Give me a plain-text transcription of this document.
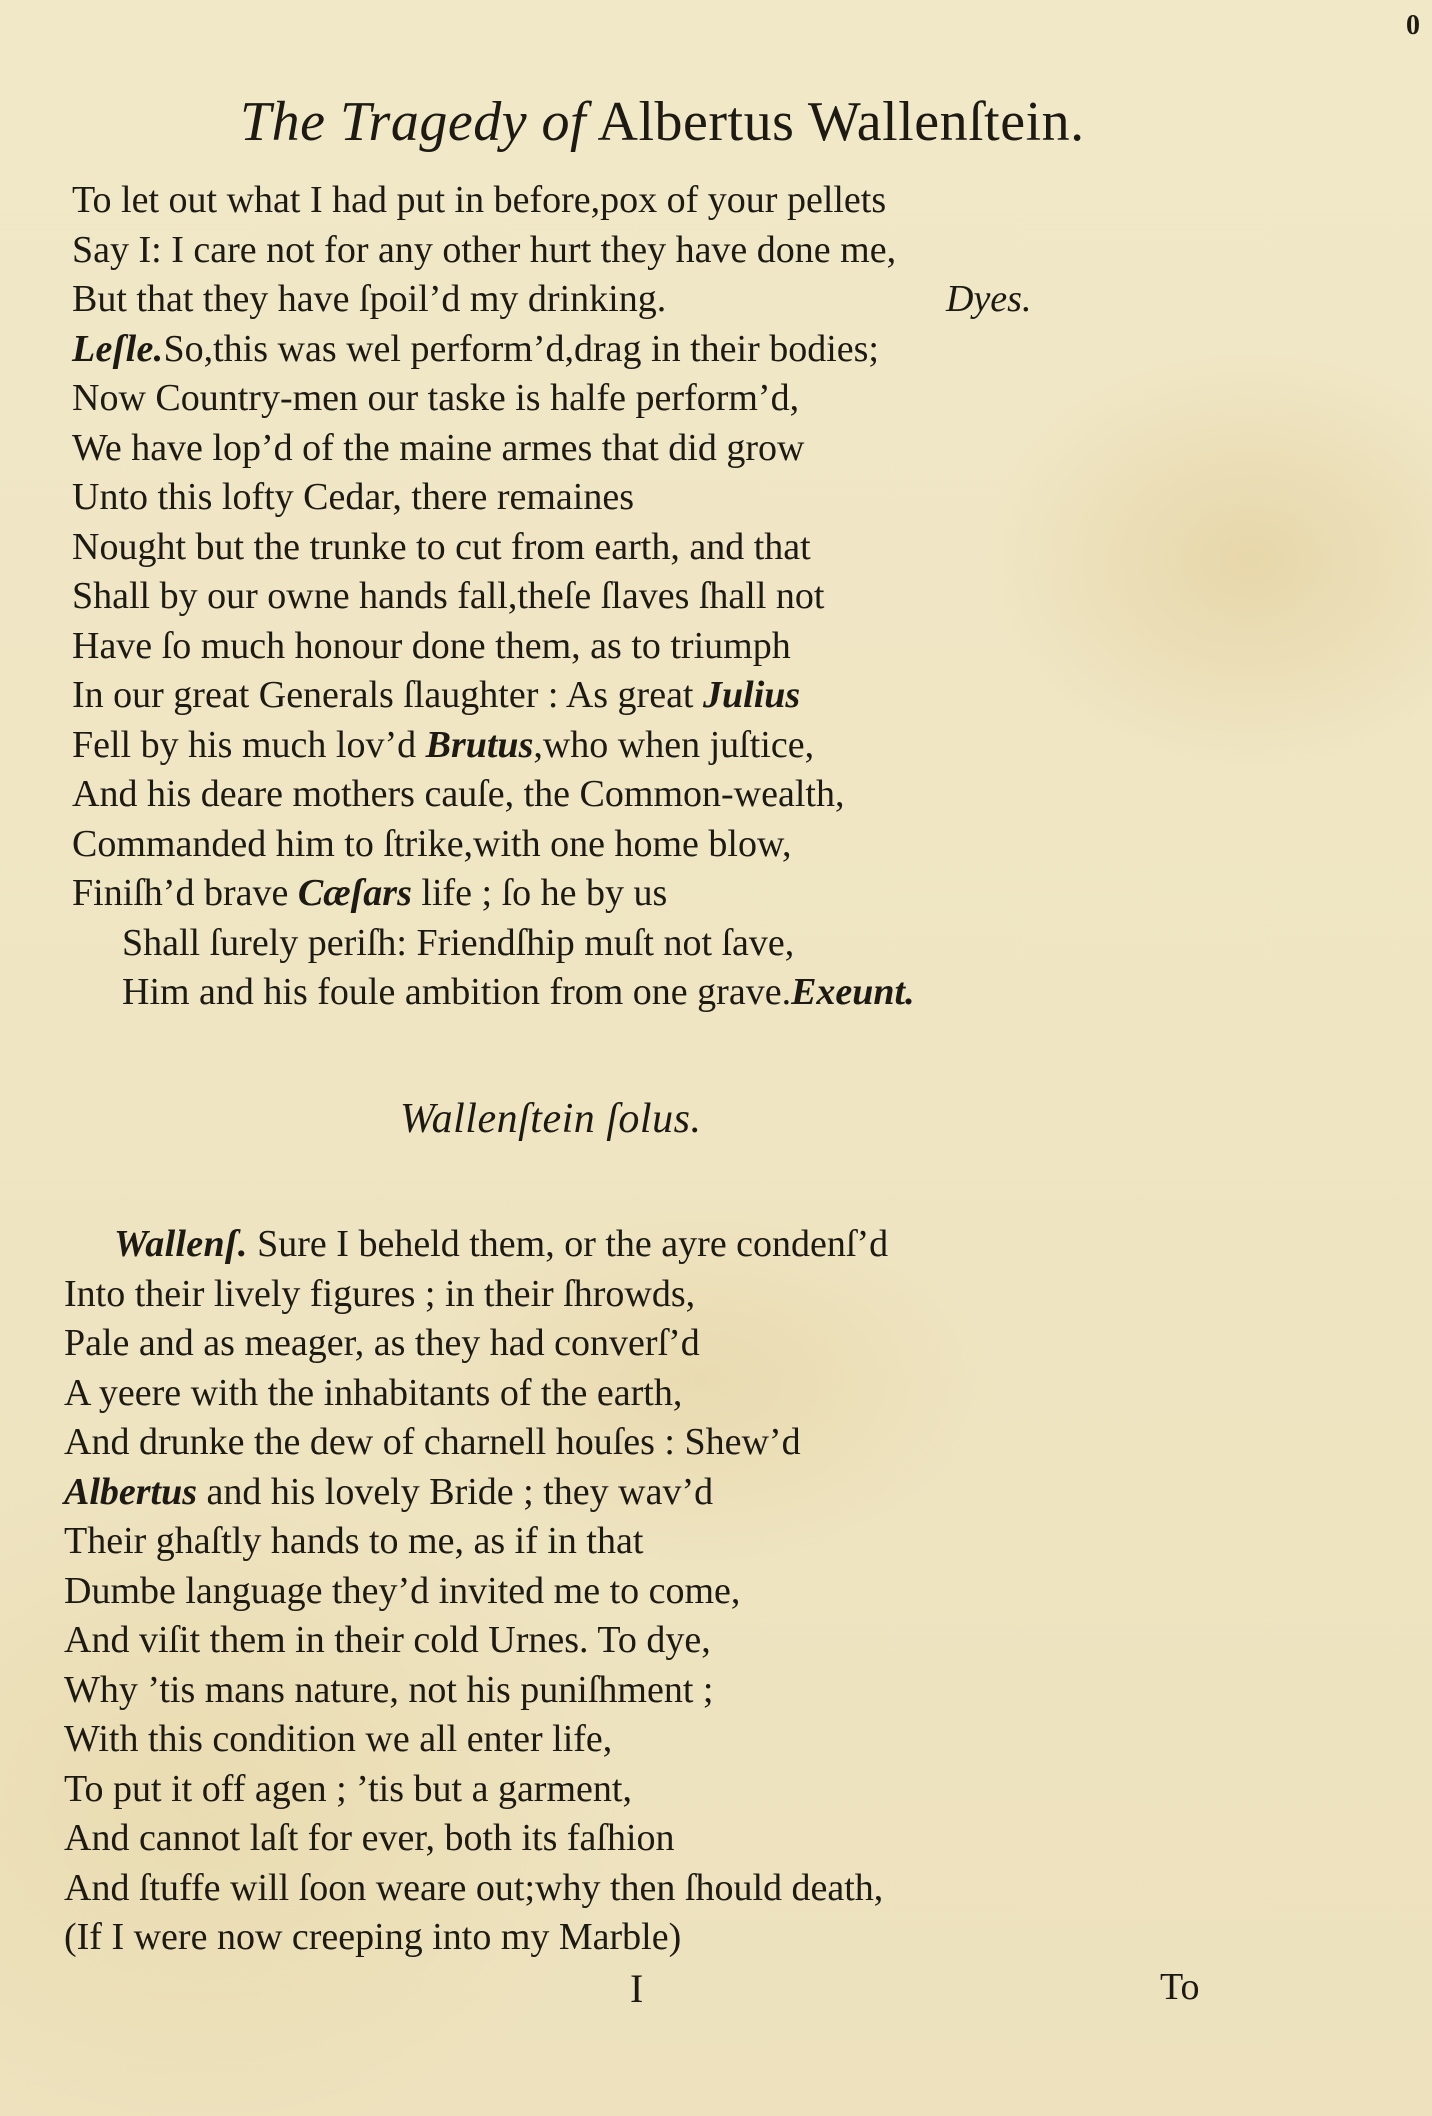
0
The Tragedy of Albertus Wallenſtein.
To let out what I had put in before,pox of your pellets
Say I: I care not for any other hurt they have done me,
But that they have ſpoil’d my drinking.	Dyes.
Leſle.So,this was wel perform’d,drag in their bodies;
Now Country-men our taske is halfe perform’d,
We have lop’d of the maine armes that did grow
Unto this lofty Cedar, there remaines
Nought but the trunke to cut from earth, and that
Shall by our owne hands fall,theſe ſlaves ſhall not
Have ſo much honour done them, as to triumph
In our great Generals ſlaughter : As great Julius
Fell by his much lov’d Brutus,who when juſtice,
And his deare mothers cauſe, the Common-wealth,
Commanded him to ſtrike,with one home blow,
Finiſh’d brave Cæſars life ; ſo he by us
Shall ſurely periſh: Friendſhip muſt not ſave,
Him and his foule ambition from one grave.Exeunt.
Wallenſtein ſolus.
Wallenſ. Sure I beheld them, or the ayre condenſ’d
Into their lively figures ; in their ſhrowds,
Pale and as meager, as they had converſ’d
A yeere with the inhabitants of the earth,
And drunke the dew of charnell houſes : Shew’d
Albertus and his lovely Bride ; they wav’d
Their ghaſtly hands to me, as if in that
Dumbe language they’d invited me to come,
And viſit them in their cold Urnes. To dye,
Why ’tis mans nature, not his puniſhment ;
With this condition we all enter life,
To put it off agen ; ’tis but a garment,
And cannot laſt for ever, both its faſhion
And ſtuffe will ſoon weare out;why then ſhould death,
(If I were now creeping into my Marble)
I	To
